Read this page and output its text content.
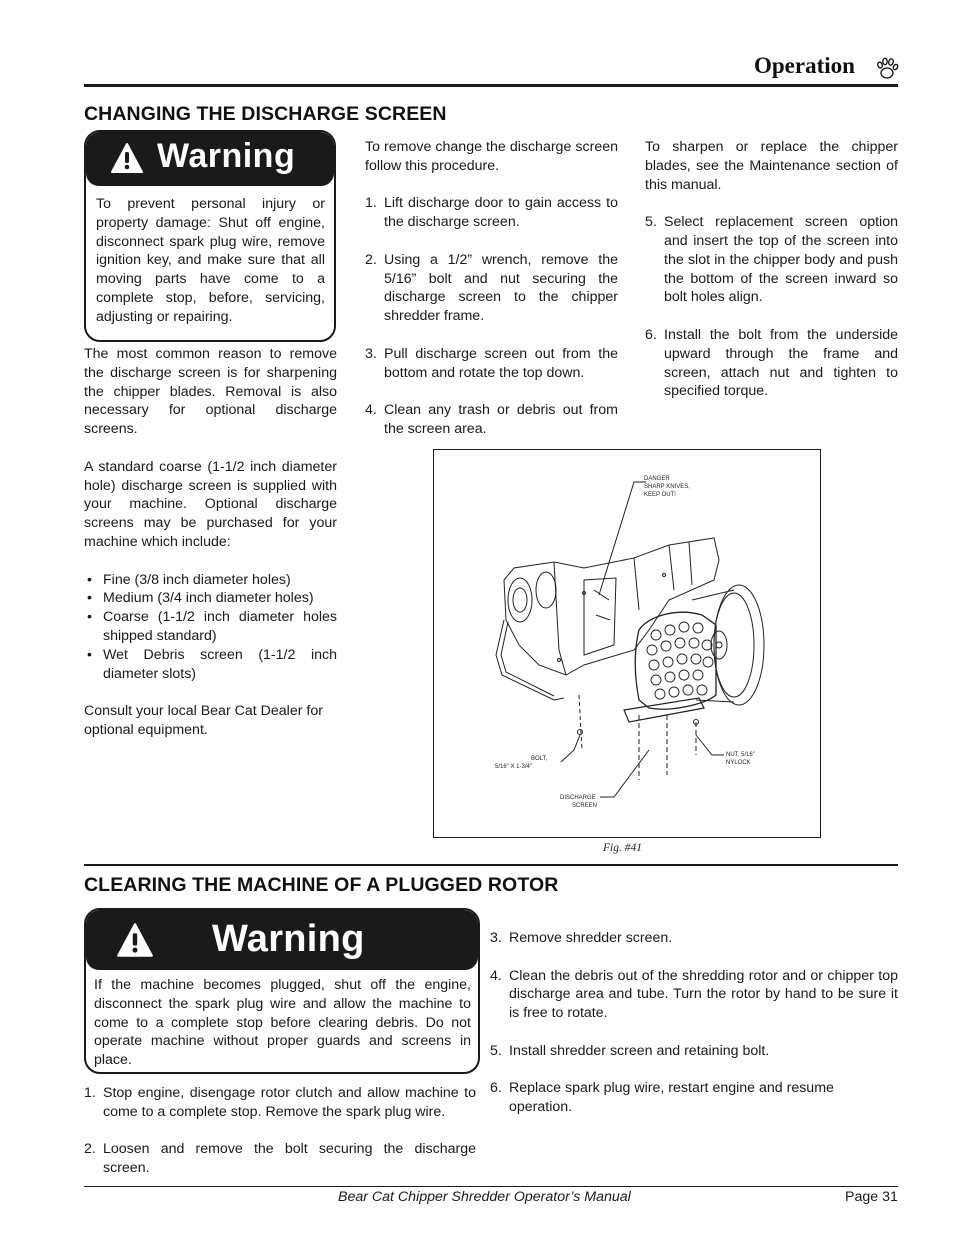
Operation
CHANGING THE DISCHARGE SCREEN
Warning
To prevent personal injury or property damage: Shut off engine, disconnect spark plug wire, remove ignition key, and make sure that all moving parts have come to a complete stop, before, servicing, adjusting or repairing.

The most common reason to remove the discharge screen is for sharpening the chipper blades. Removal is also necessary for optional discharge screens.

A standard coarse (1-1/2 inch diameter hole) discharge screen is supplied with your machine. Optional discharge screens may be purchased for your machine which include:

• Fine (3/8 inch diameter holes)
• Medium (3/4 inch diameter holes)
• Coarse (1-1/2 inch diameter holes shipped standard)
• Wet Debris screen (1-1/2 inch diameter slots)

Consult your local Bear Cat Dealer for optional equipment.

To remove change the discharge screen follow this procedure.

1. Lift discharge door to gain access to the discharge screen.
2. Using a 1/2” wrench, remove the 5/16” bolt and nut securing the discharge screen to the chipper shredder frame.
3. Pull discharge screen out from the bottom and rotate the top down.
4. Clean any trash or debris out from the screen area.

To sharpen or replace the chipper blades, see the Maintenance section of this manual.

5. Select replacement screen option and insert the top of the screen into the slot in the chipper body and push the bottom of the screen inward so bolt holes align.
6. Install the bolt from the underside upward through the frame and screen, attach nut and tighten to specified torque.
DANGER SHARP KNIVES, KEEP OUT!
BOLT, 5/16" X 1-3/4"
NUT, 5/16" NYLOCK
DISCHARGE SCREEN
Fig. #41
CLEARING THE MACHINE OF A PLUGGED ROTOR
Warning
If the machine becomes plugged, shut off the engine, disconnect the spark plug wire and allow the machine to come to a complete stop before clearing debris. Do not operate machine without proper guards and screens in place.
1. Stop engine, disengage rotor clutch and allow machine to come to a complete stop. Remove the spark plug wire.
2. Loosen and remove the bolt securing the discharge screen.
3. Remove shredder screen.
4. Clean the debris out of the shredding rotor and or chipper top discharge area and tube. Turn the rotor by hand to be sure it is free to rotate.
5. Install shredder screen and retaining bolt.
6. Replace spark plug wire, restart engine and resume operation.
Bear Cat Chipper Shredder Operator’s Manual	Page 31
